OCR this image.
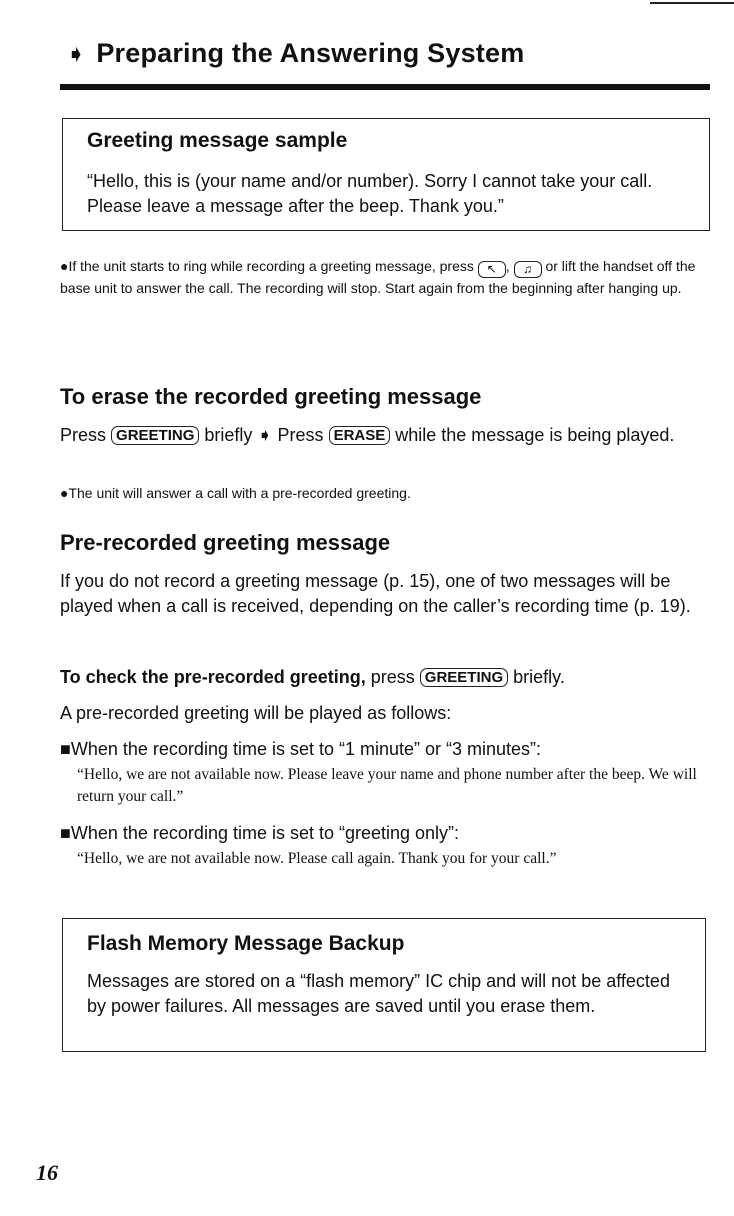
➧ Preparing the Answering System
Greeting message sample
“Hello, this is (your name and/or number). Sorry I cannot take your call. Please leave a message after the beep. Thank you.”
●If the unit starts to ring while recording a greeting message, press ↖ , ♫ or lift the handset off the base unit to answer the call. The recording will stop. Start again from the beginning after hanging up.
To erase the recorded greeting message
Press GREETING briefly ➧ Press ERASE while the message is being played.
●The unit will answer a call with a pre-recorded greeting.
Pre-recorded greeting message
If you do not record a greeting message (p. 15), one of two messages will be played when a call is received, depending on the caller’s recording time (p. 19).
To check the pre-recorded greeting, press GREETING briefly.
A pre-recorded greeting will be played as follows:
■When the recording time is set to “1 minute” or “3 minutes”:
“Hello, we are not available now. Please leave your name and phone number after the beep. We will return your call.”
■When the recording time is set to “greeting only”:
“Hello, we are not available now. Please call again. Thank you for your call.”
Flash Memory Message Backup
Messages are stored on a “flash memory” IC chip and will not be affected by power failures. All messages are saved until you erase them.
16
